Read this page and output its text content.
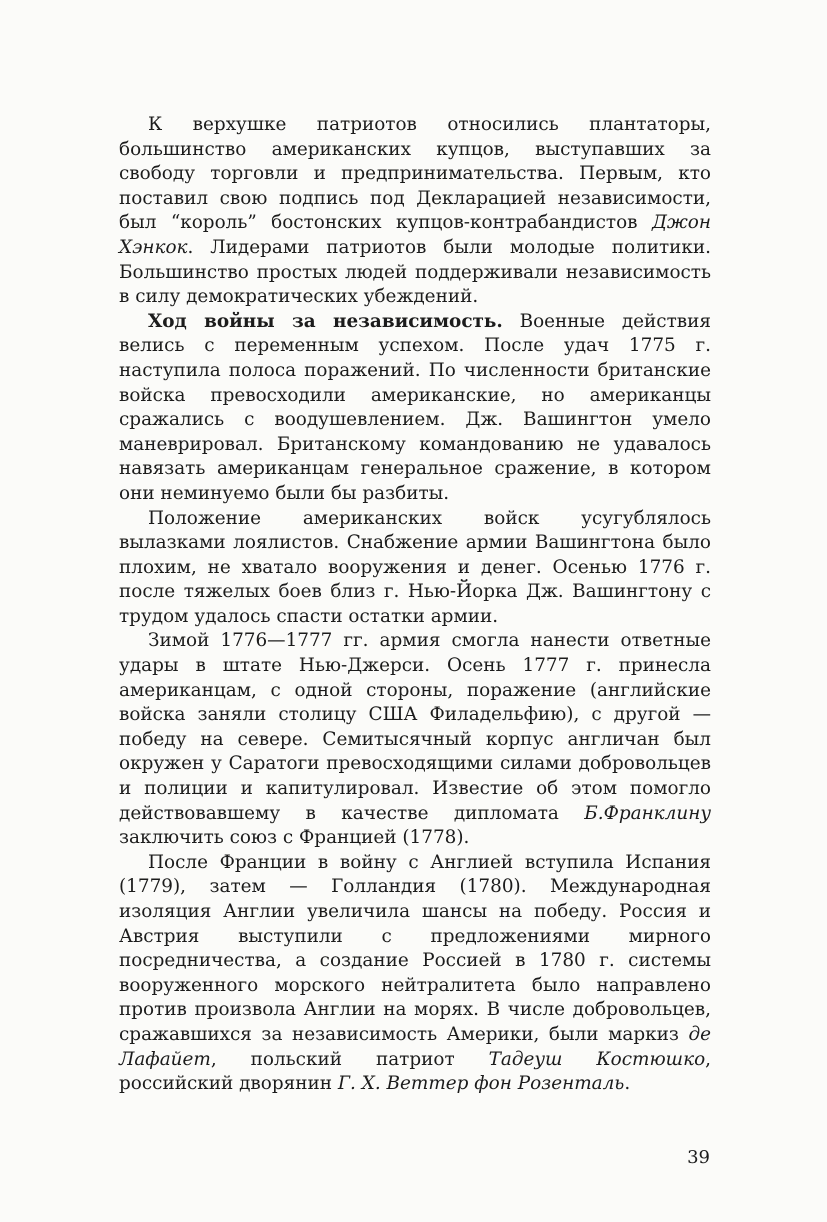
К верхушке патриотов относились плантаторы, большинство американских купцов, выступавших за свободу торговли и предпринимательства. Первым, кто поставил свою подпись под Декларацией независимости, был “король” бостонских купцов-контрабандистов Джон Хэнкок. Лидерами патриотов были молодые политики. Большинство простых людей поддерживали независимость в силу демократических убеждений.

Ход войны за независимость. Военные действия велись с переменным успехом. После удач 1775 г. наступила полоса поражений. По численности британские войска превосходили американские, но американцы сражались с воодушевлением. Дж. Вашингтон умело маневрировал. Британскому командованию не удавалось навязать американцам генеральное сражение, в котором они неминуемо были бы разбиты.

Положение американских войск усугублялось вылазками лоялистов. Снабжение армии Вашингтона было плохим, не хватало вооружения и денег. Осенью 1776 г. после тяжелых боев близ г. Нью-Йорка Дж. Вашингтону с трудом удалось спасти остатки армии.

Зимой 1776—1777 гг. армия смогла нанести ответные удары в штате Нью-Джерси. Осень 1777 г. принесла американцам, с одной стороны, поражение (английские войска заняли столицу США Филадельфию), с другой — победу на севере. Семитысячный корпус англичан был окружен у Саратоги превосходящими силами добровольцев и полиции и капитулировал. Известие об этом помогло действовавшему в качестве дипломата Б.Франклину заключить союз с Францией (1778).

После Франции в войну с Англией вступила Испания (1779), затем — Голландия (1780). Международная изоляция Англии увеличила шансы на победу. Россия и Австрия выступили с предложениями мирного посредничества, а создание Россией в 1780 г. системы вооруженного морского нейтралитета было направлено против произвола Англии на морях. В числе добровольцев, сражавшихся за независимость Америки, были маркиз де Лафайет, польский патриот Тадеуш Костюшко, российский дворянин Г. Х. Веттер фон Розенталь.

39
